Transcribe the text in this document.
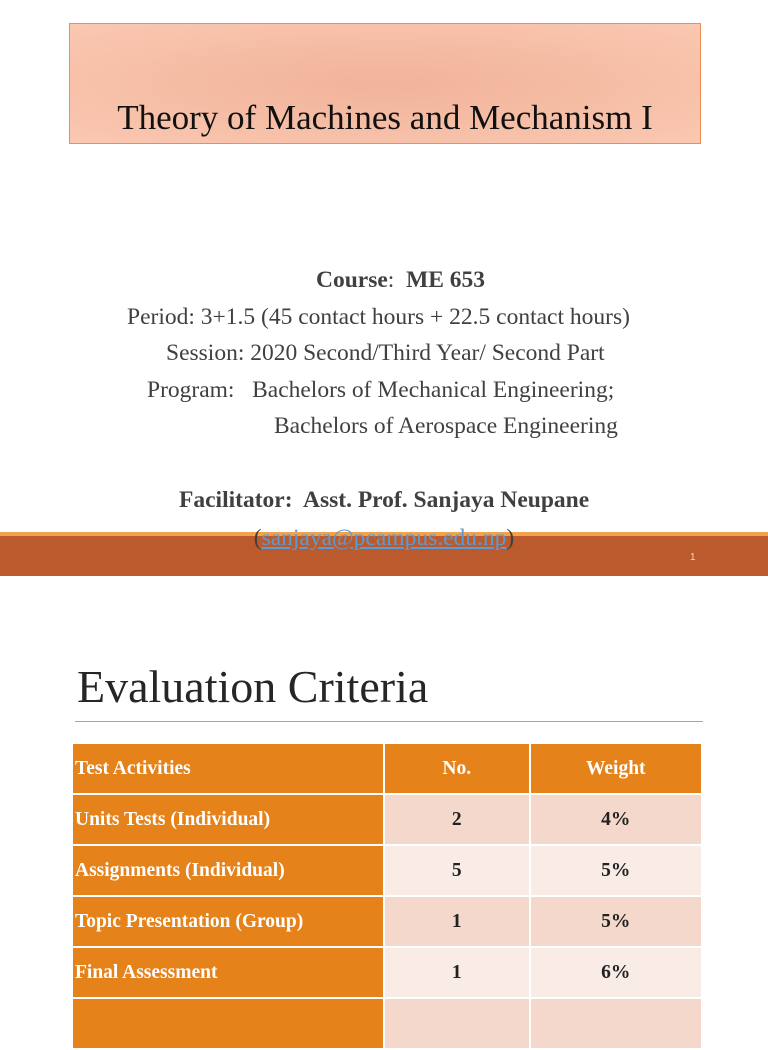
Theory of Machines and Mechanism I
Course:  ME 653
Period: 3+1.5 (45 contact hours + 22.5 contact hours)
Session: 2020 Second/Third Year/ Second Part
Program:   Bachelors of Mechanical Engineering;
Bachelors of Aerospace Engineering
Facilitator:  Asst. Prof. Sanjaya Neupane
(sanjaya@pcampus.edu.np)
1
Evaluation Criteria
Test Activities	No.	Weight
Units Tests (Individual)	2	4%
Assignments (Individual)	5	5%
Topic Presentation (Group)	1	5%
Final Assessment	1	6%
